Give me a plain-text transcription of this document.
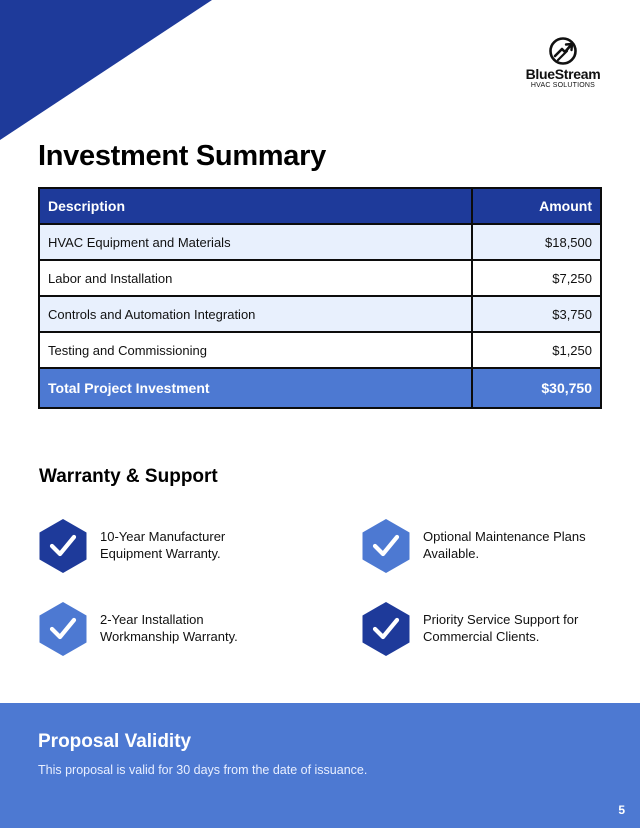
BlueStream
HVAC SOLUTIONS
Investment Summary
Description	Amount
HVAC Equipment and Materials	$18,500
Labor and Installation	$7,250
Controls and Automation Integration	$3,750
Testing and Commissioning	$1,250
Total Project Investment	$30,750
Warranty & Support
10-Year Manufacturer
Equipment Warranty.
Optional Maintenance Plans
Available.
2-Year Installation
Workmanship Warranty.
Priority Service Support for
Commercial Clients.
Proposal Validity

This proposal is valid for 30 days from the date of issuance.

5
